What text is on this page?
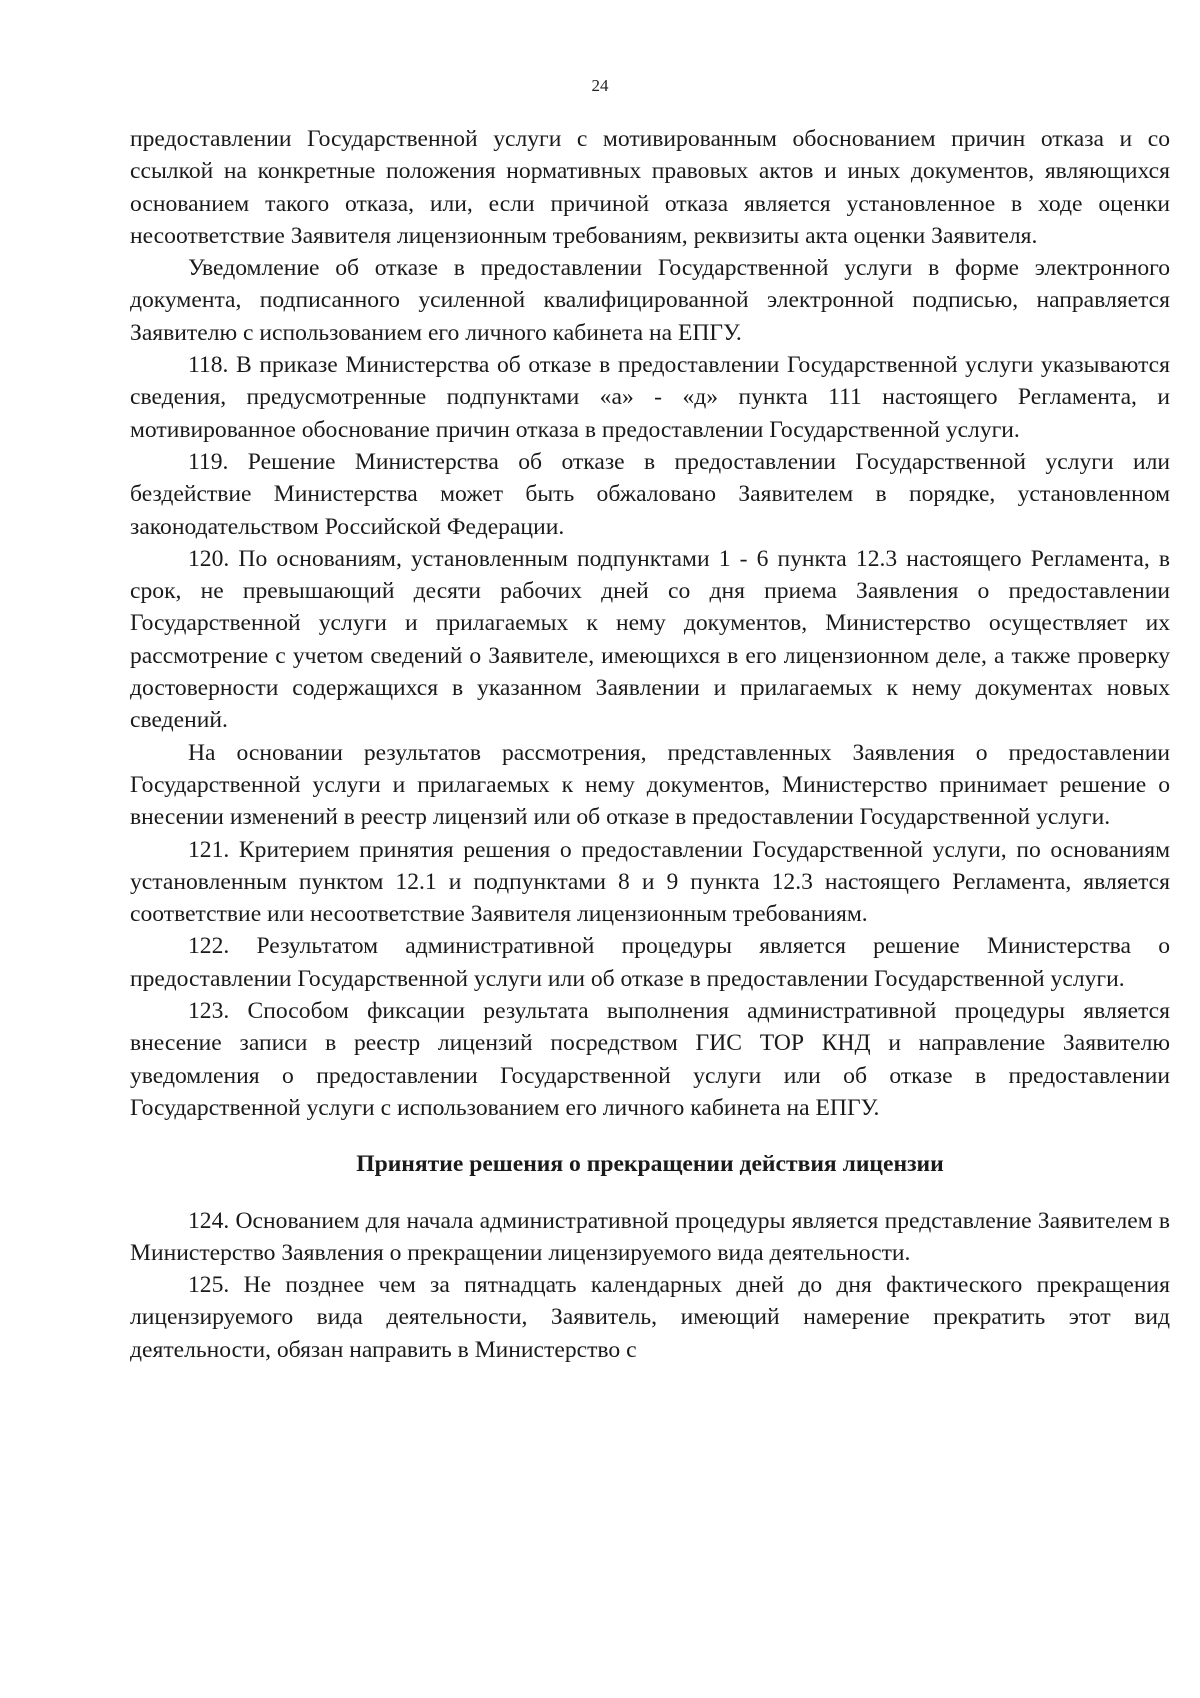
24

предоставлении Государственной услуги с мотивированным обоснованием причин отказа и со ссылкой на конкретные положения нормативных правовых актов и иных документов, являющихся основанием такого отказа, или, если причиной отказа является установленное в ходе оценки несоответствие Заявителя лицензионным требованиям, реквизиты акта оценки Заявителя.

Уведомление об отказе в предоставлении Государственной услуги в форме электронного документа, подписанного усиленной квалифицированной электронной подписью, направляется Заявителю с использованием его личного кабинета на ЕПГУ.

118. В приказе Министерства об отказе в предоставлении Государственной услуги указываются сведения, предусмотренные подпунктами «а» - «д» пункта 111 настоящего Регламента, и мотивированное обоснование причин отказа в предоставлении Государственной услуги.

119. Решение Министерства об отказе в предоставлении Государственной услуги или бездействие Министерства может быть обжаловано Заявителем в порядке, установленном законодательством Российской Федерации.

120. По основаниям, установленным подпунктами 1 - 6 пункта 12.3 настоящего Регламента, в срок, не превышающий десяти рабочих дней со дня приема Заявления о предоставлении Государственной услуги и прилагаемых к нему документов, Министерство осуществляет их рассмотрение с учетом сведений о Заявителе, имеющихся в его лицензионном деле, а также проверку достоверности содержащихся в указанном Заявлении и прилагаемых к нему документах новых сведений.

На основании результатов рассмотрения, представленных Заявления о предоставлении Государственной услуги и прилагаемых к нему документов, Министерство принимает решение о внесении изменений в реестр лицензий или об отказе в предоставлении Государственной услуги.

121. Критерием принятия решения о предоставлении Государственной услуги, по основаниям установленным пунктом 12.1 и подпунктами 8 и 9 пункта 12.3 настоящего Регламента, является соответствие или несоответствие Заявителя лицензионным требованиям.

122. Результатом административной процедуры является решение Министерства о предоставлении Государственной услуги или об отказе в предоставлении Государственной услуги.

123. Способом фиксации результата выполнения административной процедуры является внесение записи в реестр лицензий посредством ГИС ТОР КНД и направление Заявителю уведомления о предоставлении Государственной услуги или об отказе в предоставлении Государственной услуги с использованием его личного кабинета на ЕПГУ.

Принятие решения о прекращении действия лицензии

124. Основанием для начала административной процедуры является представление Заявителем в Министерство Заявления о прекращении лицензируемого вида деятельности.

125. Не позднее чем за пятнадцать календарных дней до дня фактического прекращения лицензируемого вида деятельности, Заявитель, имеющий намерение прекратить этот вид деятельности, обязан направить в Министерство с
